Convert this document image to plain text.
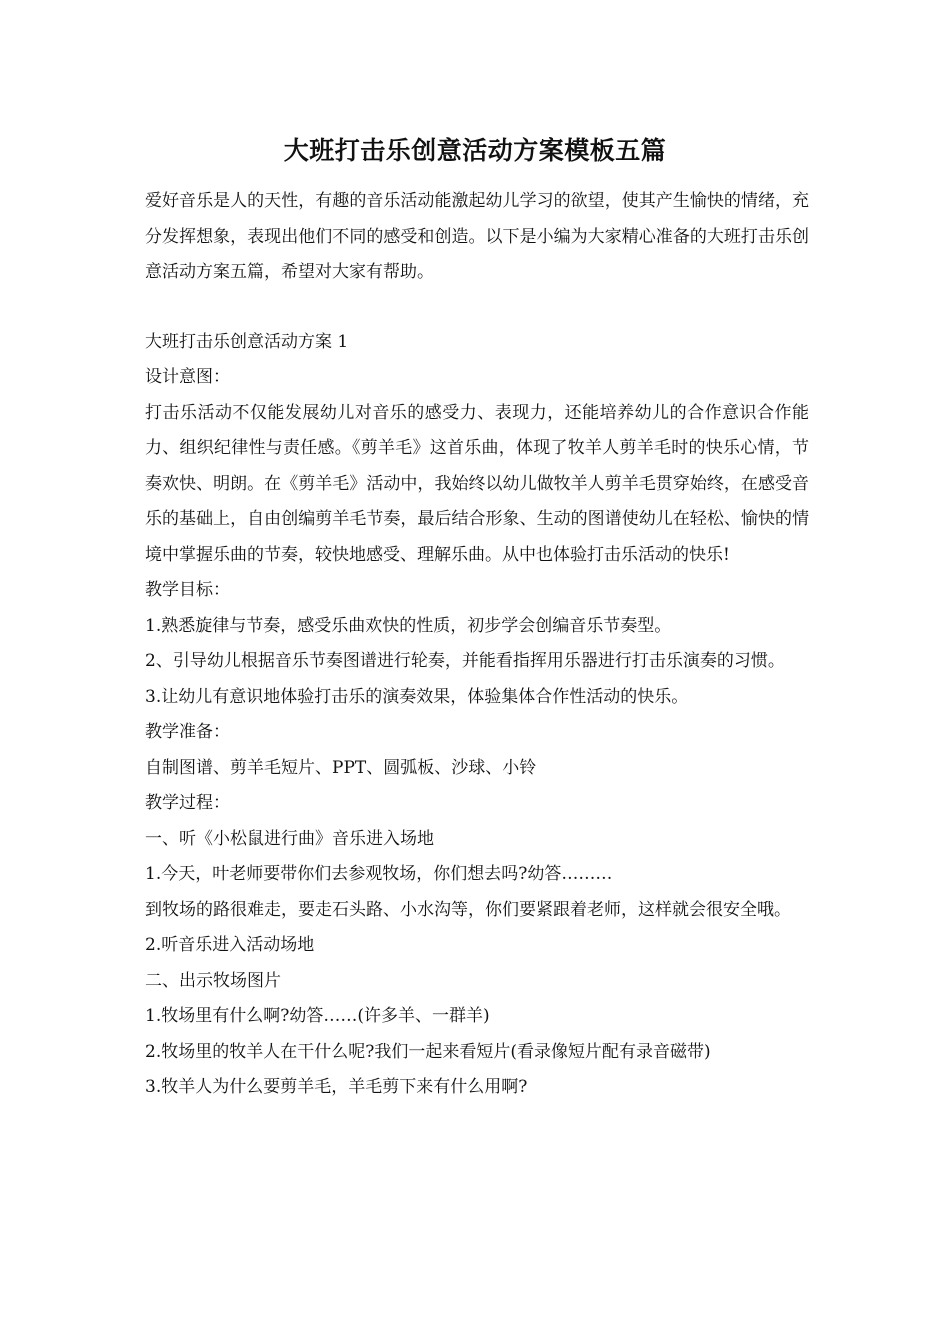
大班打击乐创意活动方案模板五篇

爱好音乐是人的天性，有趣的音乐活动能激起幼儿学习的欲望，使其产生愉快的情绪，充分发挥想象，表现出他们不同的感受和创造。以下是小编为大家精心准备的大班打击乐创意活动方案五篇，希望对大家有帮助。

大班打击乐创意活动方案 1
设计意图：

打击乐活动不仅能发展幼儿对音乐的感受力、表现力，还能培养幼儿的合作意识合作能力、组织纪律性与责任感。《剪羊毛》这首乐曲，体现了牧羊人剪羊毛时的快乐心情，节奏欢快、明朗。在《剪羊毛》活动中，我始终以幼儿做牧羊人剪羊毛贯穿始终，在感受音乐的基础上，自由创编剪羊毛节奏，最后结合形象、生动的图谱使幼儿在轻松、愉快的情境中掌握乐曲的节奏，较快地感受、理解乐曲。从中也体验打击乐活动的快乐!

教学目标：
1.熟悉旋律与节奏，感受乐曲欢快的性质，初步学会创编音乐节奏型。

2、引导幼儿根据音乐节奏图谱进行轮奏，并能看指挥用乐器进行打击乐演奏的习惯。

3.让幼儿有意识地体验打击乐的演奏效果，体验集体合作性活动的快乐。
教学准备：
自制图谱、剪羊毛短片、PPT、圆弧板、沙球、小铃
教学过程：
一、听《小松鼠进行曲》音乐进入场地
1.今天，叶老师要带你们去参观牧场，你们想去吗?幼答………

到牧场的路很难走，要走石头路、小水沟等，你们要紧跟着老师，这样就会很安全哦。

2.听音乐进入活动场地
二、出示牧场图片
1.牧场里有什么啊?幼答……(许多羊、一群羊)
2.牧场里的牧羊人在干什么呢?我们一起来看短片(看录像短片配有录音磁带)
3.牧羊人为什么要剪羊毛，羊毛剪下来有什么用啊?
